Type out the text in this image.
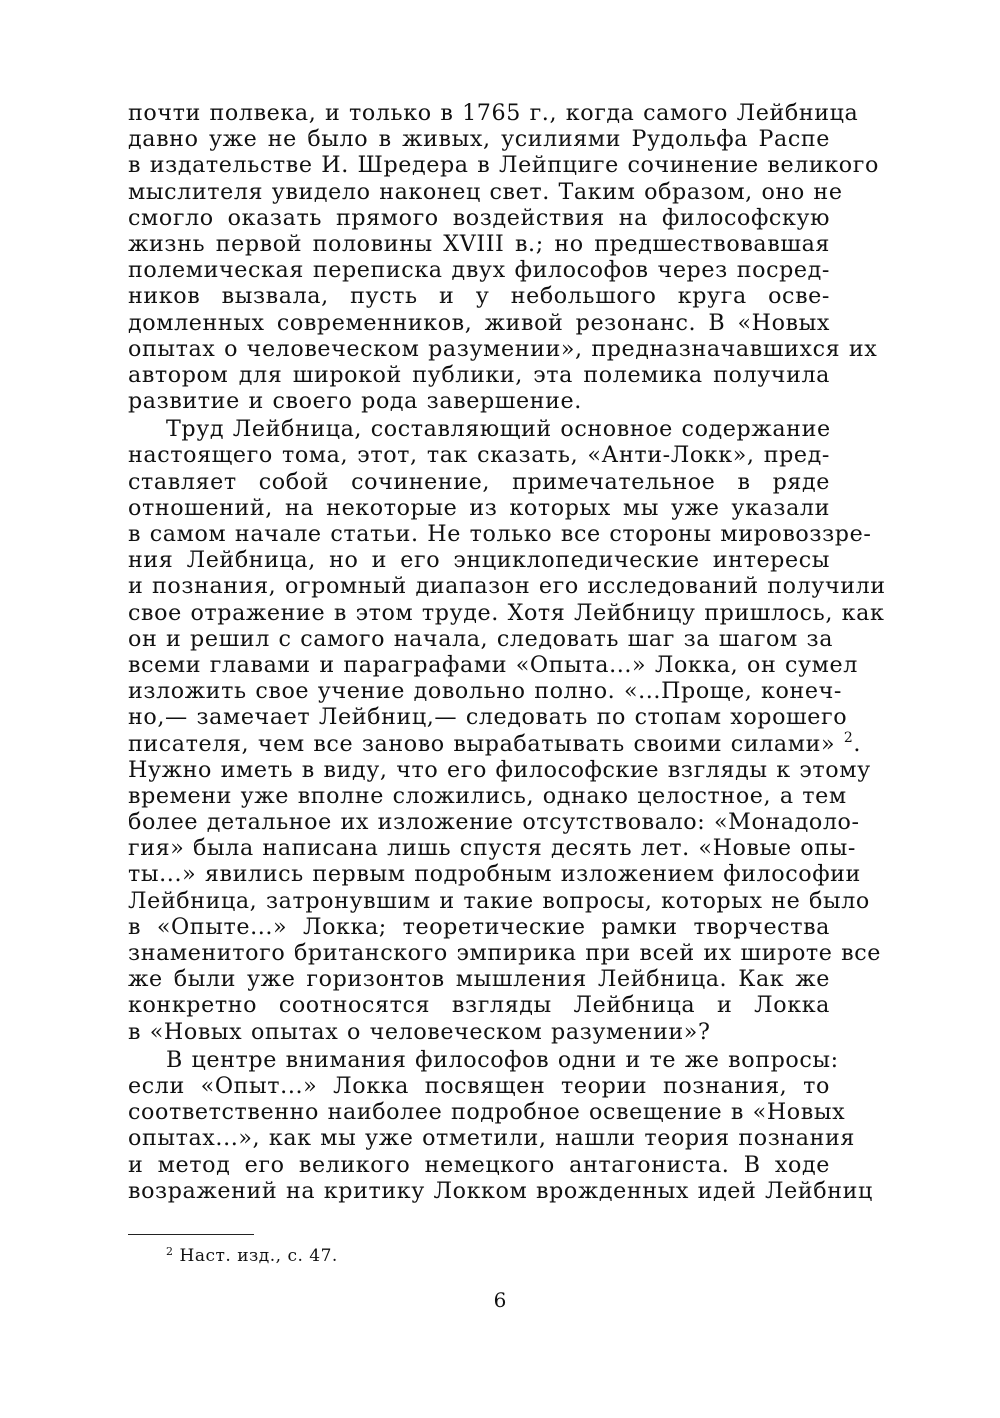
почти полвека, и только в 1765 г., когда самого Лейбница
давно уже не было в живых, усилиями Рудольфа Распе
в издательстве И. Шредера в Лейпциге сочинение великого
мыслителя увидело наконец свет. Таким образом, оно не
смогло оказать прямого воздействия на философскую
жизнь первой половины XVIII в.; но предшествовавшая
полемическая переписка двух философов через посред-
ников вызвала, пусть и у небольшого круга осве-
домленных современников, живой резонанс. В «Новых
опытах о человеческом разумении», предназначавшихся их
автором для широкой публики, эта полемика получила
развитие и своего рода завершение.

Труд Лейбница, составляющий основное содержание
настоящего тома, этот, так сказать, «Анти-Локк», пред-
ставляет собой сочинение, примечательное в ряде
отношений, на некоторые из которых мы уже указали
в самом начале статьи. Не только все стороны мировоззре-
ния Лейбница, но и его энциклопедические интересы
и познания, огромный диапазон его исследований получили
свое отражение в этом труде. Хотя Лейбницу пришлось, как
он и решил с самого начала, следовать шаг за шагом за
всеми главами и параграфами «Опыта...» Локка, он сумел
изложить свое учение довольно полно. «...Проще, конеч-
но,— замечает Лейбниц,— следовать по стопам хорошего
писателя, чем все заново вырабатывать своими силами» $^2$.
Нужно иметь в виду, что его философские взгляды к этому
времени уже вполне сложились, однако целостное, а тем
более детальное их изложение отсутствовало: «Монадоло-
гия» была написана лишь спустя десять лет. «Новые опы-
ты...» явились первым подробным изложением философии
Лейбница, затронувшим и такие вопросы, которых не было
в «Опыте...» Локка; теоретические рамки творчества
знаменитого британского эмпирика при всей их широте все
же были уже горизонтов мышления Лейбница. Как же
конкретно соотносятся взгляды Лейбница и Локка
в «Новых опытах о человеческом разумении»?

В центре внимания философов одни и те же вопросы:
если «Опыт...» Локка посвящен теории познания, то
соответственно наиболее подробное освещение в «Новых
опытах...», как мы уже отметили, нашли теория познания
и метод его великого немецкого антагониста. В ходе
возражений на критику Локком врожденных идей Лейбниц

$^2$ Наст. изд., с. 47.
6
